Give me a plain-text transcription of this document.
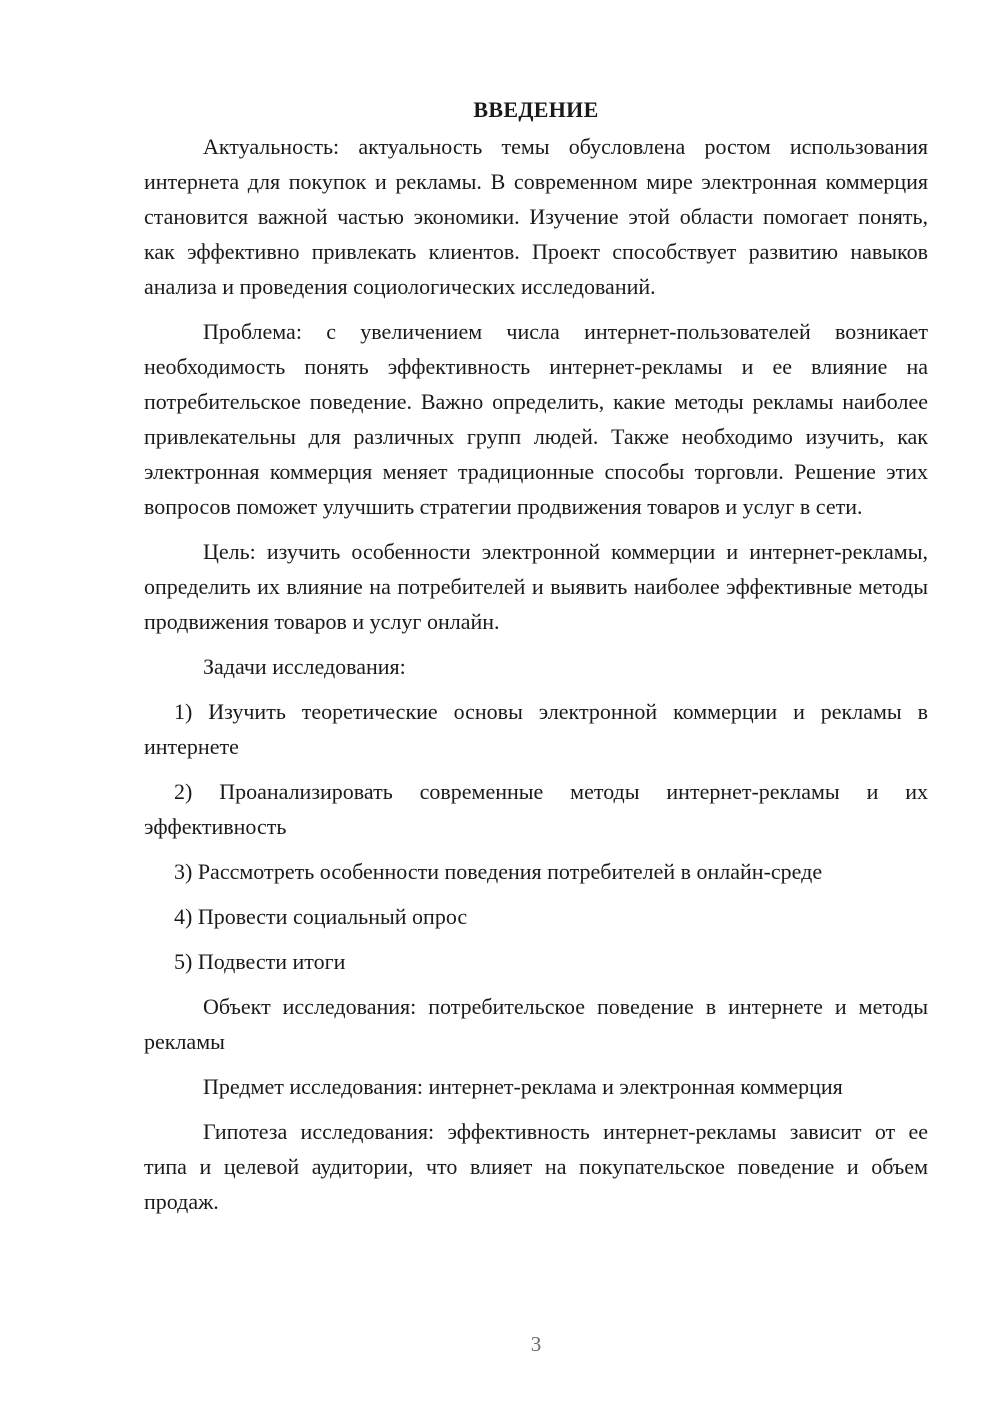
ВВЕДЕНИЕ

Актуальность: актуальность темы обусловлена ростом использования интернета для покупок и рекламы. В современном мире электронная коммерция становится важной частью экономики. Изучение этой области помогает понять, как эффективно привлекать клиентов. Проект способствует развитию навыков анализа и проведения социологических исследований.

Проблема: с увеличением числа интернет-пользователей возникает необходимость понять эффективность интернет-рекламы и ее влияние на потребительское поведение. Важно определить, какие методы рекламы наиболее привлекательны для различных групп людей. Также необходимо изучить, как электронная коммерция меняет традиционные способы торговли. Решение этих вопросов поможет улучшить стратегии продвижения товаров и услуг в сети.

Цель: изучить особенности электронной коммерции и интернет-рекламы, определить их влияние на потребителей и выявить наиболее эффективные методы продвижения товаров и услуг онлайн.

Задачи исследования:

1) Изучить теоретические основы электронной коммерции и рекламы в интернете

2) Проанализировать современные методы интернет-рекламы и их эффективность

3) Рассмотреть особенности поведения потребителей в онлайн-среде

4) Провести социальный опрос

5) Подвести итоги

Объект исследования: потребительское поведение в интернете и методы рекламы

Предмет исследования: интернет-реклама и электронная коммерция

Гипотеза исследования: эффективность интернет-рекламы зависит от ее типа и целевой аудитории, что влияет на покупательское поведение и объем продаж.

3
